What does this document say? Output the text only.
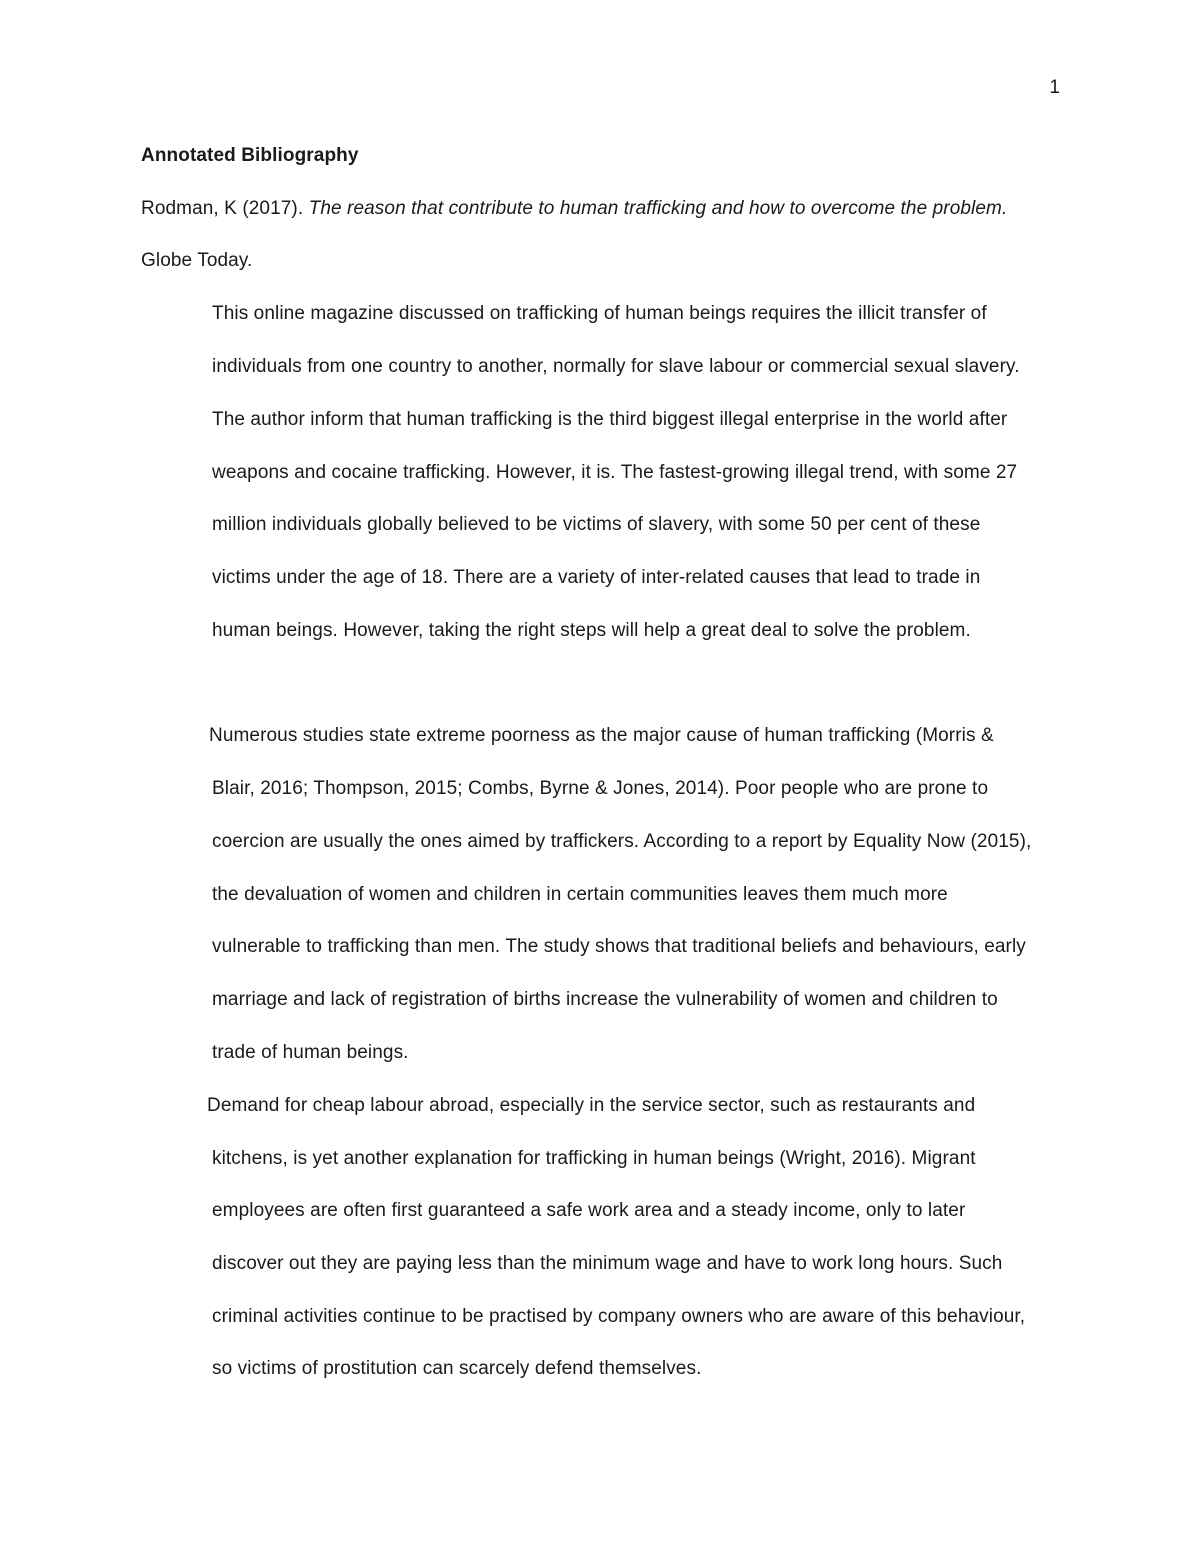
1
Annotated Bibliography
Rodman, K (2017). The reason that contribute to human trafficking and how to overcome the problem.
Globe Today.
This online magazine discussed on trafficking of human beings requires the illicit transfer of
individuals from one country to another, normally for slave labour or commercial sexual slavery.
The author inform that human trafficking is the third biggest illegal enterprise in the world after
weapons and cocaine trafficking. However, it is. The fastest-growing illegal trend, with some 27
million individuals globally believed to be victims of slavery, with some 50 per cent of these
victims under the age of 18. There are a variety of inter-related causes that lead to trade in
human beings. However, taking the right steps will help a great deal to solve the problem.
Numerous studies state extreme poorness as the major cause of human trafficking (Morris &
Blair, 2016; Thompson, 2015; Combs, Byrne & Jones, 2014). Poor people who are prone to
coercion are usually the ones aimed by traffickers. According to a report by Equality Now (2015),
the devaluation of women and children in certain communities leaves them much more
vulnerable to trafficking than men. The study shows that traditional beliefs and behaviours, early
marriage and lack of registration of births increase the vulnerability of women and children to
trade of human beings.
Demand for cheap labour abroad, especially in the service sector, such as restaurants and
kitchens, is yet another explanation for trafficking in human beings (Wright, 2016). Migrant
employees are often first guaranteed a safe work area and a steady income, only to later
discover out they are paying less than the minimum wage and have to work long hours. Such
criminal activities continue to be practised by company owners who are aware of this behaviour,
so victims of prostitution can scarcely defend themselves.
